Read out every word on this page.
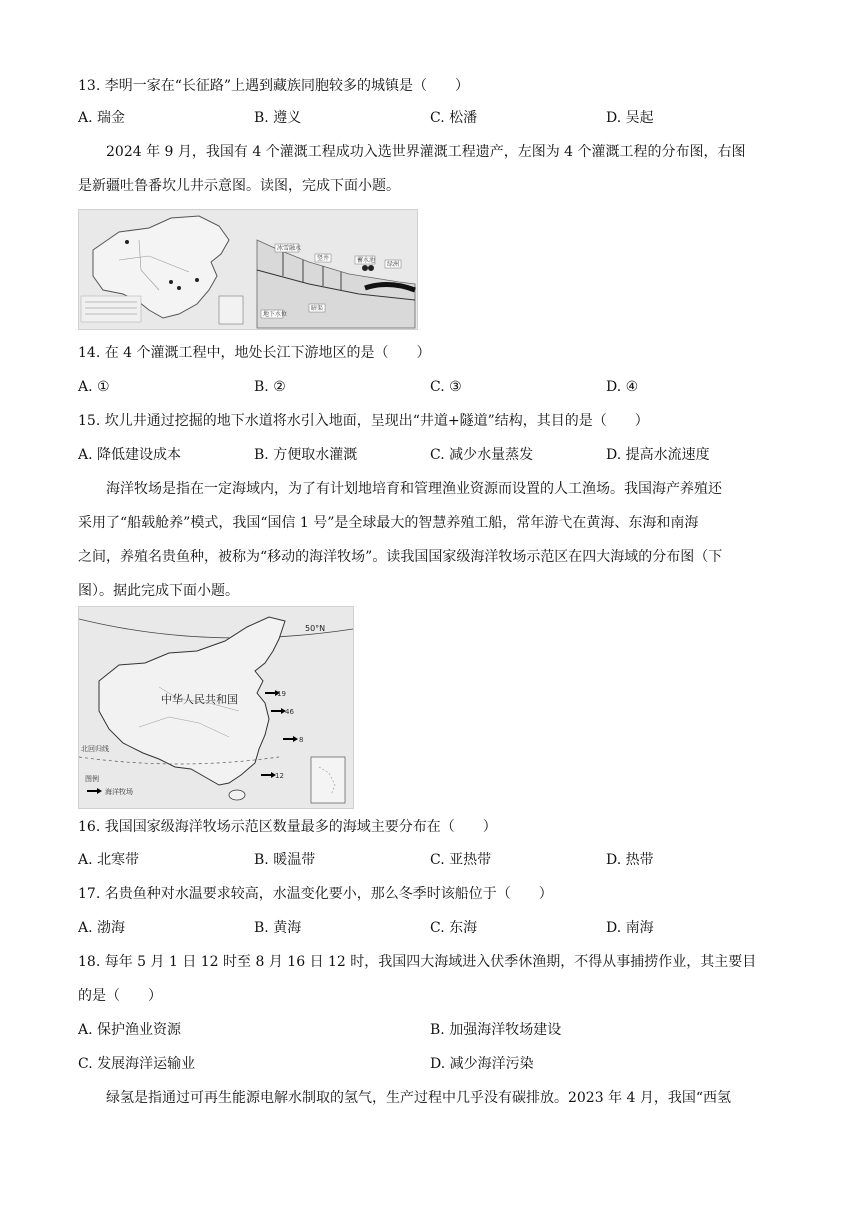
13. 李明一家在“长征路”上遇到藏族同胞较多的城镇是（　　）
A. 瑞金	B. 遵义	C. 松潘	D. 吴起
2024 年 9 月，我国有 4 个灌溉工程成功入选世界灌溉工程遗产，左图为 4 个灌溉工程的分布图，右图
是新疆吐鲁番坎儿井示意图。读图，完成下面小题。
冰雪融水
竖井	蓄水池
绿洲
地下水位
暗渠
14. 在 4 个灌溉工程中，地处长江下游地区的是（　　）
A. ①	B. ②	C. ③	D. ④
15. 坎儿井通过挖掘的地下水道将水引入地面，呈现出“井道+隧道”结构，其目的是（　　）
A. 降低建设成本	B. 方便取水灌溉	C. 减少水量蒸发	D. 提高水流速度
海洋牧场是指在一定海域内，为了有计划地培育和管理渔业资源而设置的人工渔场。我国海产养殖还
采用了“船载舱养”模式，我国“国信 1 号”是全球最大的智慧养殖工船，常年游弋在黄海、东海和南海
之间，养殖名贵鱼种，被称为“移动的海洋牧场”。读我国国家级海洋牧场示范区在四大海域的分布图（下
图）。据此完成下面小题。
50°N
中华人民共和国
北回归线
19
46
8
12
图例
海洋牧场
16. 我国国家级海洋牧场示范区数量最多的海域主要分布在（　　）
A. 北寒带	B. 暖温带	C. 亚热带	D. 热带
17. 名贵鱼种对水温要求较高，水温变化要小，那么冬季时该船位于（　　）
A. 渤海	B. 黄海	C. 东海	D. 南海
18. 每年 5 月 1 日 12 时至 8 月 16 日 12 时，我国四大海域进入伏季休渔期，不得从事捕捞作业，其主要目
的是（　　）
A. 保护渔业资源	B. 加强海洋牧场建设
C. 发展海洋运输业	D. 减少海洋污染
绿氢是指通过可再生能源电解水制取的氢气，生产过程中几乎没有碳排放。2023 年 4 月，我国“西氢
